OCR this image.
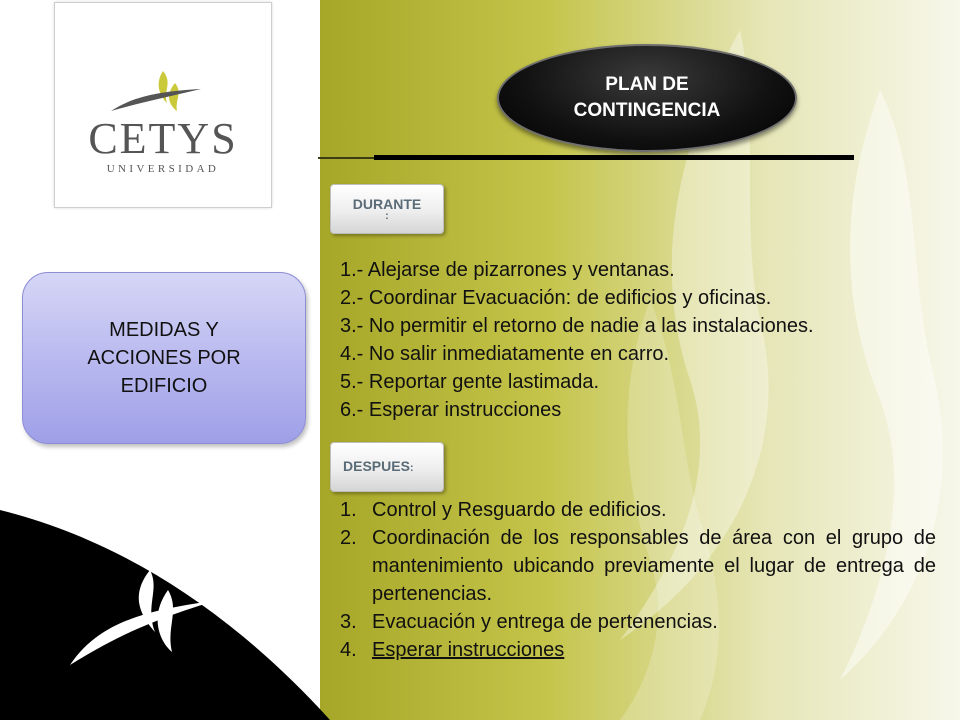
CETYS
UNIVERSIDAD
MEDIDAS Y
ACCIONES POR
EDIFICIO
PLAN DE
CONTINGENCIA
DURANTE
:
1.- Alejarse de pizarrones y ventanas.
2.- Coordinar Evacuación: de edificios y oficinas.
3.- No permitir el retorno de nadie a las instalaciones.
4.- No salir inmediatamente en carro.
5.- Reportar gente lastimada.
6.- Esperar instrucciones
DESPUES:
1. Control y Resguardo de edificios.
2. Coordinación de los responsables de área con el grupo de mantenimiento ubicando previamente el lugar de entrega de pertenencias.
3. Evacuación y entrega de pertenencias.
4. Esperar instrucciones
